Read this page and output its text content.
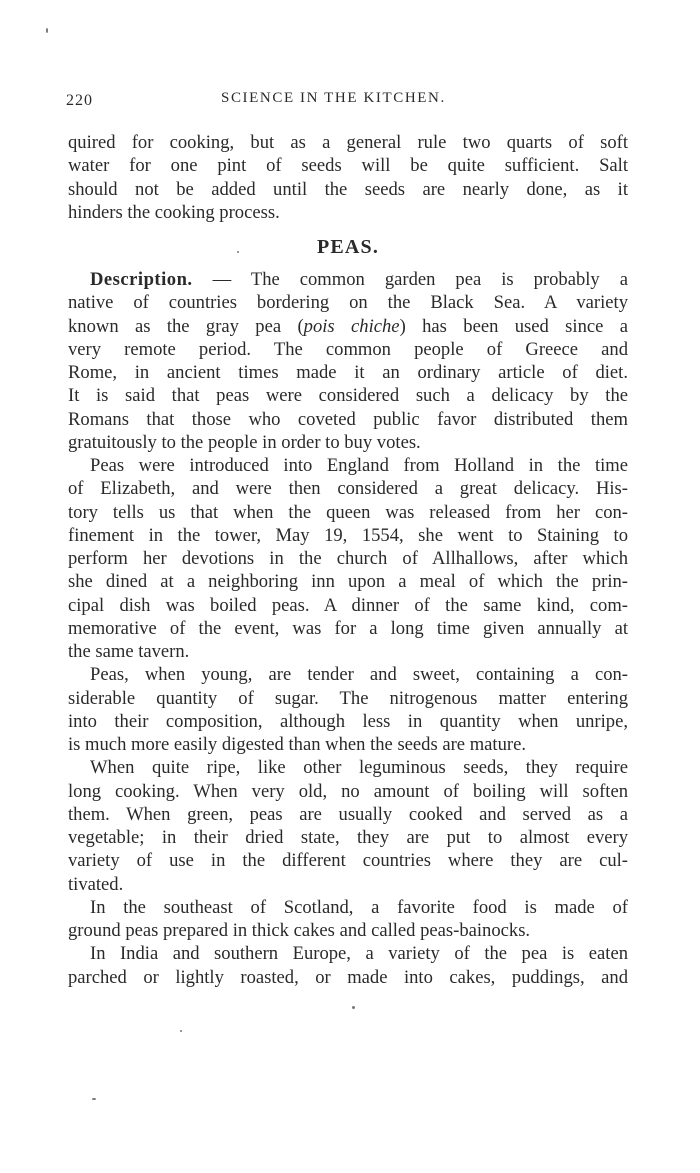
220	SCIENCE IN THE KITCHEN.
quired for cooking, but as a general rule two quarts of soft
water for one pint of seeds will be quite sufficient. Salt
should not be added until the seeds are nearly done, as it
hinders the cooking process.
PEAS.
Description. — The common garden pea is probably a
native of countries bordering on the Black Sea. A variety
known as the gray pea (pois chiche) has been used since a
very remote period. The common people of Greece and
Rome, in ancient times made it an ordinary article of diet.
It is said that peas were considered such a delicacy by the
Romans that those who coveted public favor distributed them
gratuitously to the people in order to buy votes.
Peas were introduced into England from Holland in the time
of Elizabeth, and were then considered a great delicacy. His-
tory tells us that when the queen was released from her con-
finement in the tower, May 19, 1554, she went to Staining to
perform her devotions in the church of Allhallows, after which
she dined at a neighboring inn upon a meal of which the prin-
cipal dish was boiled peas. A dinner of the same kind, com-
memorative of the event, was for a long time given annually at
the same tavern.
Peas, when young, are tender and sweet, containing a con-
siderable quantity of sugar. The nitrogenous matter entering
into their composition, although less in quantity when unripe,
is much more easily digested than when the seeds are mature.
When quite ripe, like other leguminous seeds, they require
long cooking. When very old, no amount of boiling will soften
them. When green, peas are usually cooked and served as a
vegetable; in their dried state, they are put to almost every
variety of use in the different countries where they are cul-
tivated.
In the southeast of Scotland, a favorite food is made of
ground peas prepared in thick cakes and called peas-bainocks.
In India and southern Europe, a variety of the pea is eaten
parched or lightly roasted, or made into cakes, puddings, and
